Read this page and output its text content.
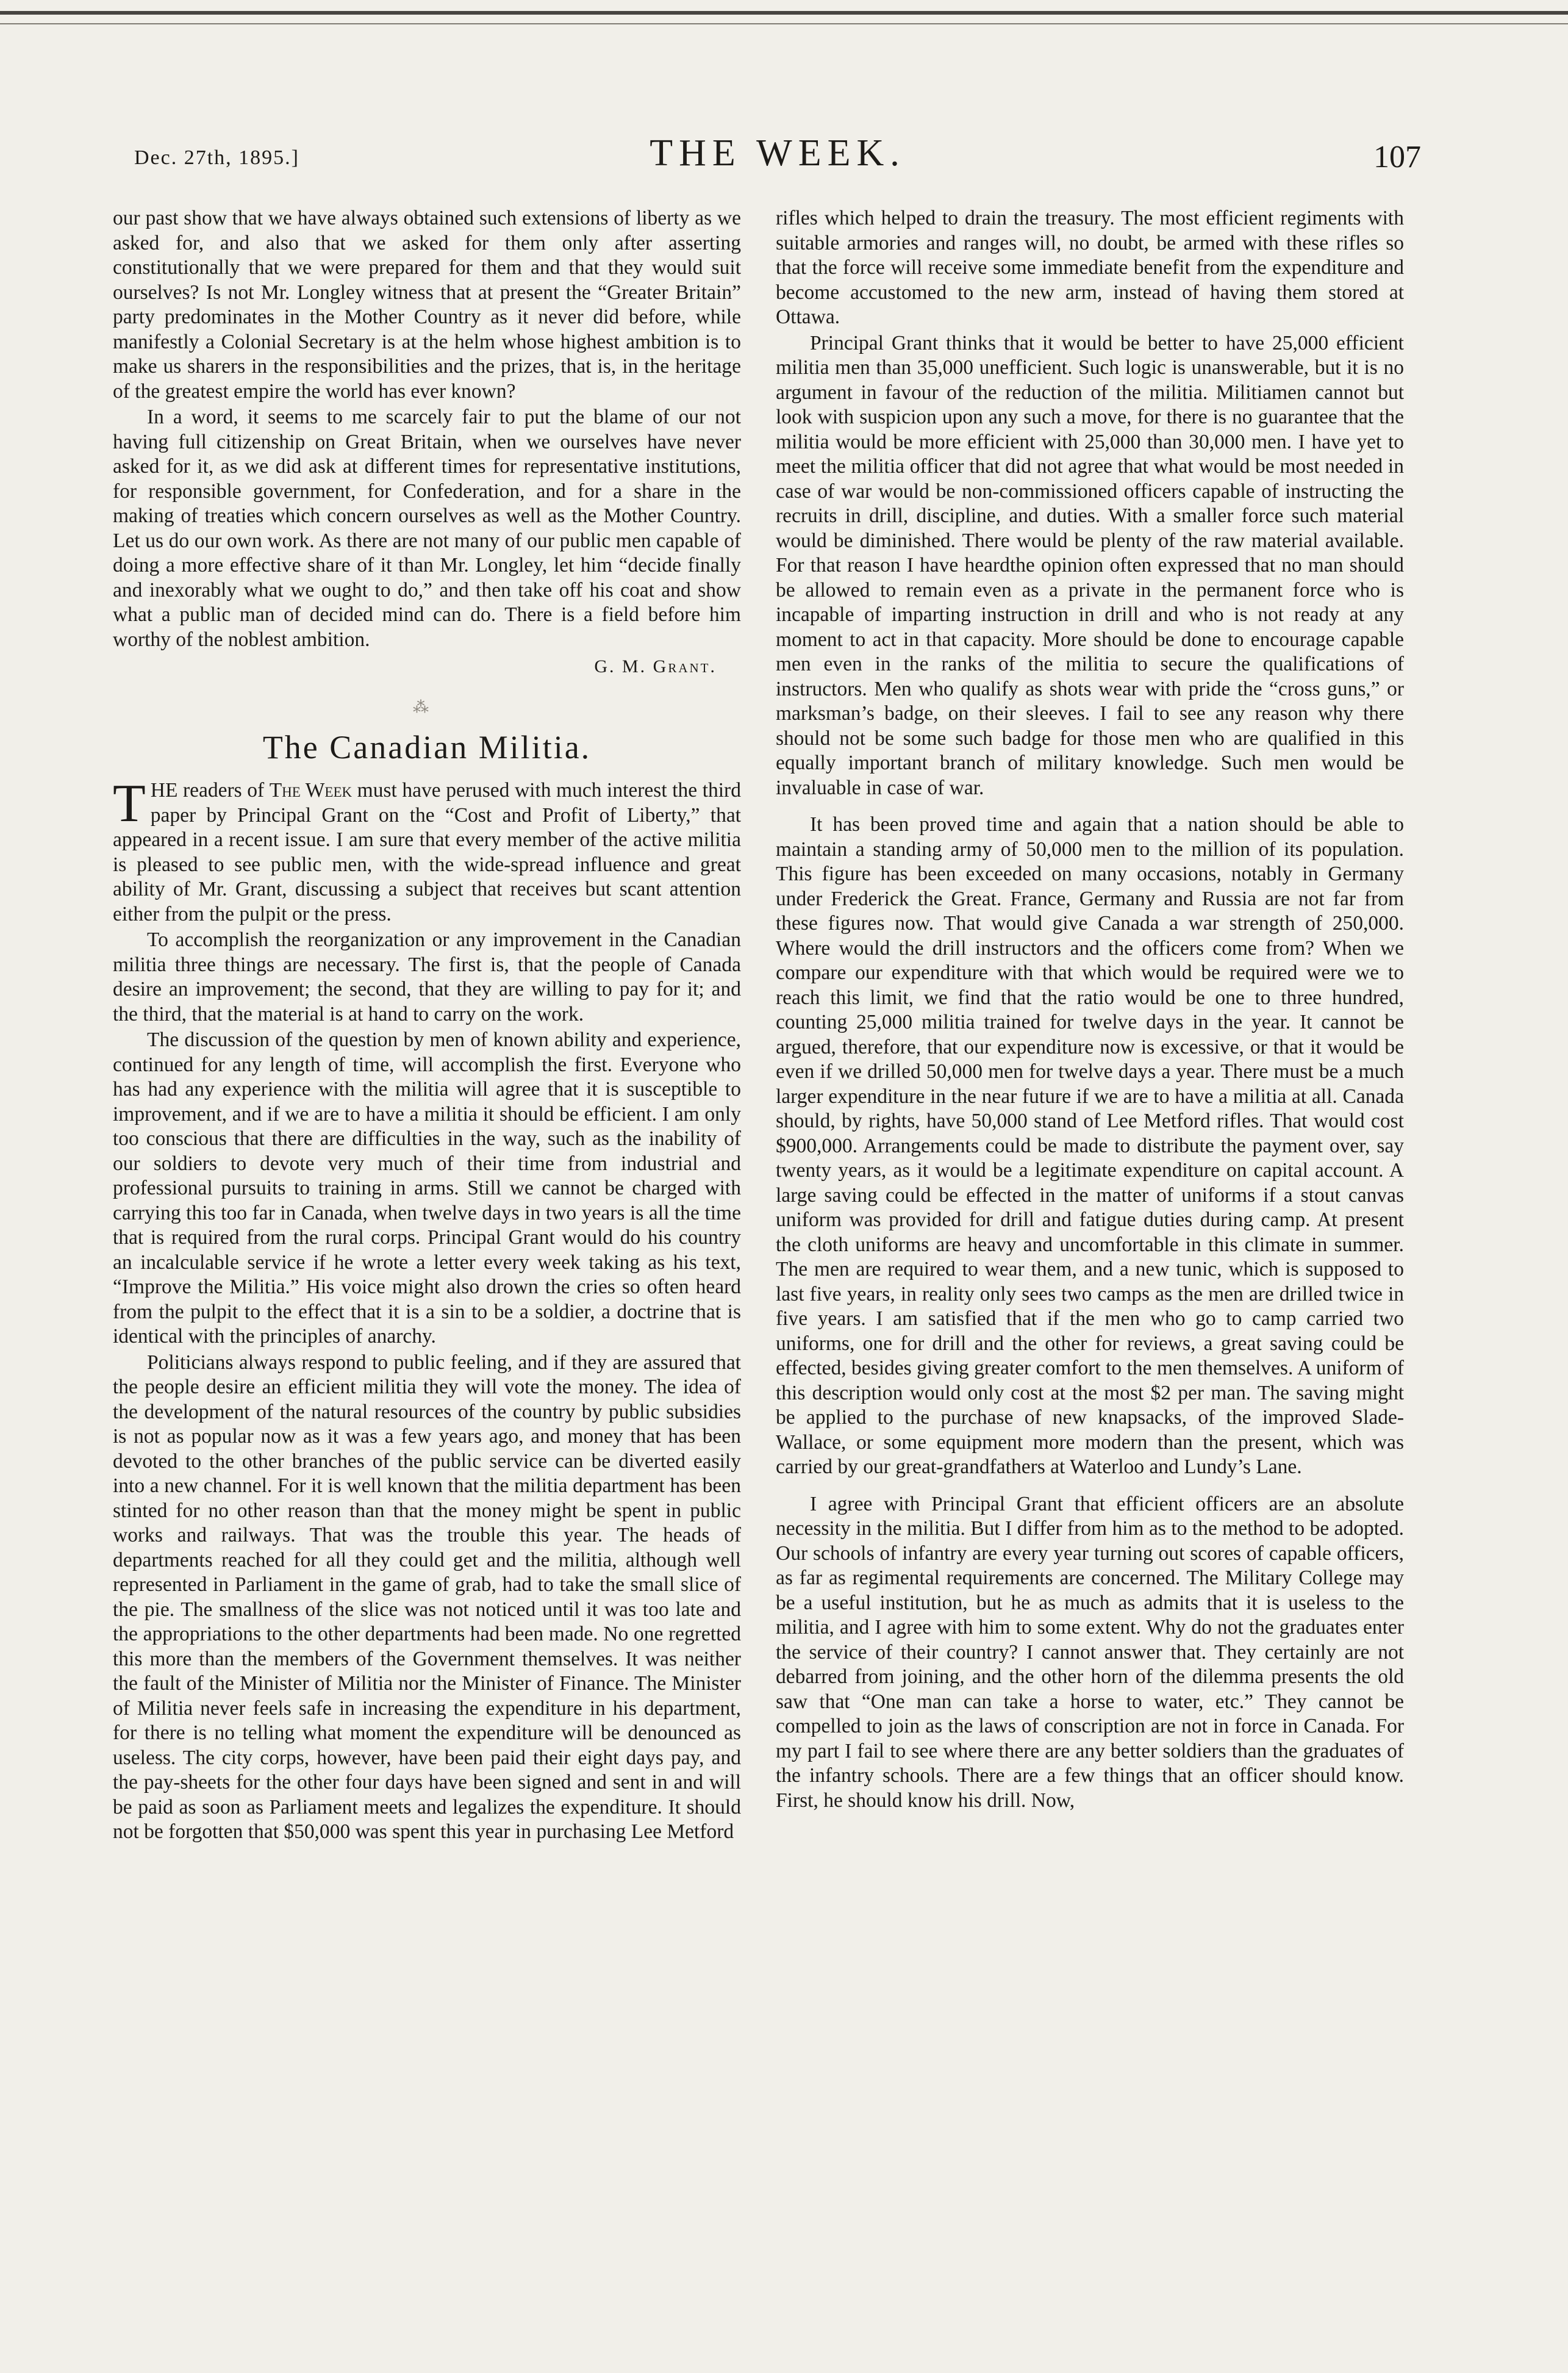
Dec. 27th, 1895.]	THE WEEK.	107

our past show that we have always obtained such extensions of liberty as we asked for, and also that we asked for them only after asserting constitutionally that we were prepared for them and that they would suit ourselves? Is not Mr. Longley witness that at present the “Greater Britain” party predominates in the Mother Country as it never did before, while manifestly a Colonial Secretary is at the helm whose highest ambition is to make us sharers in the responsibilities and the prizes, that is, in the heritage of the greatest empire the world has ever known?

In a word, it seems to me scarcely fair to put the blame of our not having full citizenship on Great Britain, when we ourselves have never asked for it, as we did ask at different times for representative institutions, for responsible government, for Confederation, and for a share in the making of treaties which concern ourselves as well as the Mother Country. Let us do our own work. As there are not many of our public men capable of doing a more effective share of it than Mr. Longley, let him “decide finally and inexorably what we ought to do,” and then take off his coat and show what a public man of decided mind can do. There is a field before him worthy of the noblest ambition.

G. M. Grant.
⁂
The Canadian Militia.

THE readers of The Week must have perused with much interest the third paper by Principal Grant on the “Cost and Profit of Liberty,” that appeared in a recent issue. I am sure that every member of the active militia is pleased to see public men, with the wide-spread influence and great ability of Mr. Grant, discussing a subject that receives but scant attention either from the pulpit or the press.

To accomplish the reorganization or any improvement in the Canadian militia three things are necessary. The first is, that the people of Canada desire an improvement; the second, that they are willing to pay for it; and the third, that the material is at hand to carry on the work.

The discussion of the question by men of known ability and experience, continued for any length of time, will accomplish the first. Everyone who has had any experience with the militia will agree that it is susceptible to improvement, and if we are to have a militia it should be efficient. I am only too conscious that there are difficulties in the way, such as the inability of our soldiers to devote very much of their time from industrial and professional pursuits to training in arms. Still we cannot be charged with carrying this too far in Canada, when twelve days in two years is all the time that is required from the rural corps. Principal Grant would do his country an incalculable service if he wrote a letter every week taking as his text, “Improve the Militia.” His voice might also drown the cries so often heard from the pulpit to the effect that it is a sin to be a soldier, a doctrine that is identical with the principles of anarchy.

Politicians always respond to public feeling, and if they are assured that the people desire an efficient militia they will vote the money. The idea of the development of the natural resources of the country by public subsidies is not as popular now as it was a few years ago, and money that has been devoted to the other branches of the public service can be diverted easily into a new channel. For it is well known that the militia department has been stinted for no other reason than that the money might be spent in public works and railways. That was the trouble this year. The heads of departments reached for all they could get and the militia, although well represented in Parliament in the game of grab, had to take the small slice of the pie. The smallness of the slice was not noticed until it was too late and the appropriations to the other departments had been made. No one regretted this more than the members of the Government themselves. It was neither the fault of the Minister of Militia nor the Minister of Finance. The Minister of Militia never feels safe in increasing the expenditure in his department, for there is no telling what moment the expenditure will be denounced as useless. The city corps, however, have been paid their eight days pay, and the pay-sheets for the other four days have been signed and sent in and will be paid as soon as Parliament meets and legalizes the expenditure. It should not be forgotten that $50,000 was spent this year in purchasing Lee Metford

rifles which helped to drain the treasury. The most efficient regiments with suitable armories and ranges will, no doubt, be armed with these rifles so that the force will receive some immediate benefit from the expenditure and become accustomed to the new arm, instead of having them stored at Ottawa.

Principal Grant thinks that it would be better to have 25,000 efficient militia men than 35,000 unefficient. Such logic is unanswerable, but it is no argument in favour of the reduction of the militia. Militiamen cannot but look with suspicion upon any such a move, for there is no guarantee that the militia would be more efficient with 25,000 than 30,000 men. I have yet to meet the militia officer that did not agree that what would be most needed in case of war would be non-commissioned officers capable of instructing the recruits in drill, discipline, and duties. With a smaller force such material would be diminished. There would be plenty of the raw material available. For that reason I have heardthe opinion often expressed that no man should be allowed to remain even as a private in the permanent force who is incapable of imparting instruction in drill and who is not ready at any moment to act in that capacity. More should be done to encourage capable men even in the ranks of the militia to secure the qualifications of instructors. Men who qualify as shots wear with pride the “cross guns,” or marksman’s badge, on their sleeves. I fail to see any reason why there should not be some such badge for those men who are qualified in this equally important branch of military knowledge. Such men would be invaluable in case of war.

It has been proved time and again that a nation should be able to maintain a standing army of 50,000 men to the million of its population. This figure has been exceeded on many occasions, notably in Germany under Frederick the Great. France, Germany and Russia are not far from these figures now. That would give Canada a war strength of 250,000. Where would the drill instructors and the officers come from? When we compare our expenditure with that which would be required were we to reach this limit, we find that the ratio would be one to three hundred, counting 25,000 militia trained for twelve days in the year. It cannot be argued, therefore, that our expenditure now is excessive, or that it would be even if we drilled 50,000 men for twelve days a year. There must be a much larger expenditure in the near future if we are to have a militia at all. Canada should, by rights, have 50,000 stand of Lee Metford rifles. That would cost $900,000. Arrangements could be made to distribute the payment over, say twenty years, as it would be a legitimate expenditure on capital account. A large saving could be effected in the matter of uniforms if a stout canvas uniform was provided for drill and fatigue duties during camp. At present the cloth uniforms are heavy and uncomfortable in this climate in summer. The men are required to wear them, and a new tunic, which is supposed to last five years, in reality only sees two camps as the men are drilled twice in five years. I am satisfied that if the men who go to camp carried two uniforms, one for drill and the other for reviews, a great saving could be effected, besides giving greater comfort to the men themselves. A uniform of this description would only cost at the most $2 per man. The saving might be applied to the purchase of new knapsacks, of the improved Slade-Wallace, or some equipment more modern than the present, which was carried by our great-grandfathers at Waterloo and Lundy’s Lane.

I agree with Principal Grant that efficient officers are an absolute necessity in the militia. But I differ from him as to the method to be adopted. Our schools of infantry are every year turning out scores of capable officers, as far as regimental requirements are concerned. The Military College may be a useful institution, but he as much as admits that it is useless to the militia, and I agree with him to some extent. Why do not the graduates enter the service of their country? I cannot answer that. They certainly are not debarred from joining, and the other horn of the dilemma presents the old saw that “One man can take a horse to water, etc.” They cannot be compelled to join as the laws of conscription are not in force in Canada. For my part I fail to see where there are any better soldiers than the graduates of the infantry schools. There are a few things that an officer should know. First, he should know his drill. Now,
